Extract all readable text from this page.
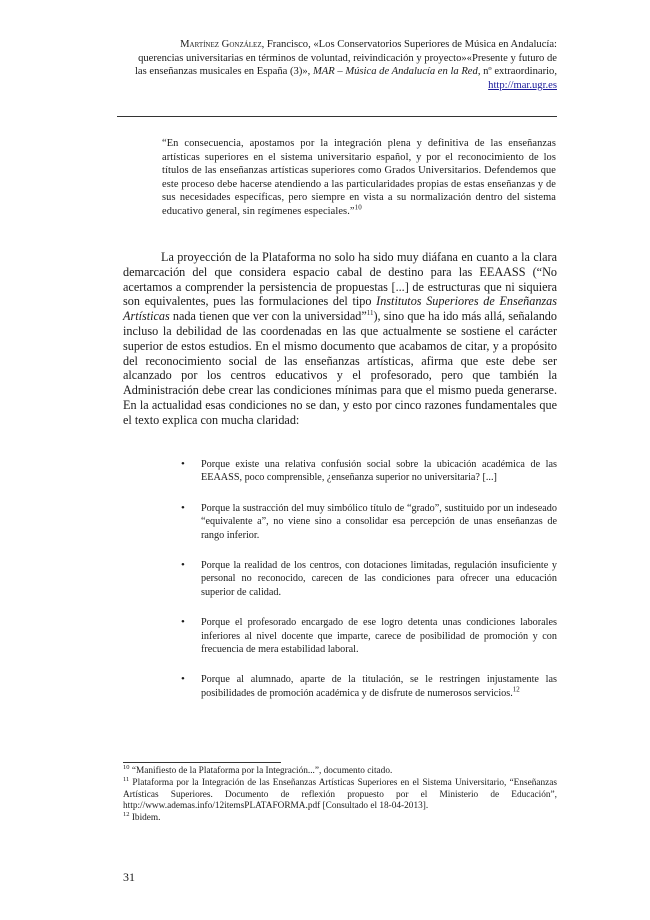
Martínez González, Francisco, «Los Conservatorios Superiores de Música en Andalucía:
querencias universitarias en términos de voluntad, reivindicación y proyecto»«Presente y futuro de
las enseñanzas musicales en España (3)», MAR – Música de Andalucía en la Red, nº extraordinario,
http://mar.ugr.es
“En consecuencia, apostamos por la integración plena y definitiva de las enseñanzas artísticas superiores en el sistema universitario español, y por el reconocimiento de los títulos de las enseñanzas artísticas superiores como Grados Universitarios. Defendemos que este proceso debe hacerse atendiendo a las particularidades propias de estas enseñanzas y de sus necesidades específicas, pero siempre en vista a su normalización dentro del sistema educativo general, sin regímenes especiales.”$^{10}$
La proyección de la Plataforma no solo ha sido muy diáfana en cuanto a la clara demarcación del que considera espacio cabal de destino para las EEAASS (“No acertamos a comprender la persistencia de propuestas [...] de estructuras que ni siquiera son equivalentes, pues las formulaciones del tipo Institutos Superiores de Enseñanzas Artísticas nada tienen que ver con la universidad”$^{11}$), sino que ha ido más allá, señalando incluso la debilidad de las coordenadas en las que actualmente se sostiene el carácter superior de estos estudios. En el mismo documento que acabamos de citar, y a propósito del reconocimiento social de las enseñanzas artísticas, afirma que este debe ser alcanzado por los centros educativos y el profesorado, pero que también la Administración debe crear las condiciones mínimas para que el mismo pueda generarse. En la actualidad esas condiciones no se dan, y esto por cinco razones fundamentales que el texto explica con mucha claridad:
• Porque existe una relativa confusión social sobre la ubicación académica de las EEAASS, poco comprensible, ¿enseñanza superior no universitaria? [...]
• Porque la sustracción del muy simbólico título de “grado”, sustituido por un indeseado “equivalente a”, no viene sino a consolidar esa percepción de unas enseñanzas de rango inferior.
• Porque la realidad de los centros, con dotaciones limitadas, regulación insuficiente y personal no reconocido, carecen de las condiciones para ofrecer una educación superior de calidad.
• Porque el profesorado encargado de ese logro detenta unas condiciones laborales inferiores al nivel docente que imparte, carece de posibilidad de promoción y con frecuencia de mera estabilidad laboral.
• Porque al alumnado, aparte de la titulación, se le restringen injustamente las posibilidades de promoción académica y de disfrute de numerosos servicios.$^{12}$

$^{10}$ “Manifiesto de la Plataforma por la Integración...”, documento citado.

$^{11}$ Plataforma por la Integración de las Enseñanzas Artísticas Superiores en el Sistema Universitario, “Enseñanzas Artísticas Superiores. Documento de reflexión propuesto por el Ministerio de Educación”, http://www.ademas.info/12itemsPLATAFORMA.pdf [Consultado el 18-04-2013].

$^{12}$ Ibidem.

31
